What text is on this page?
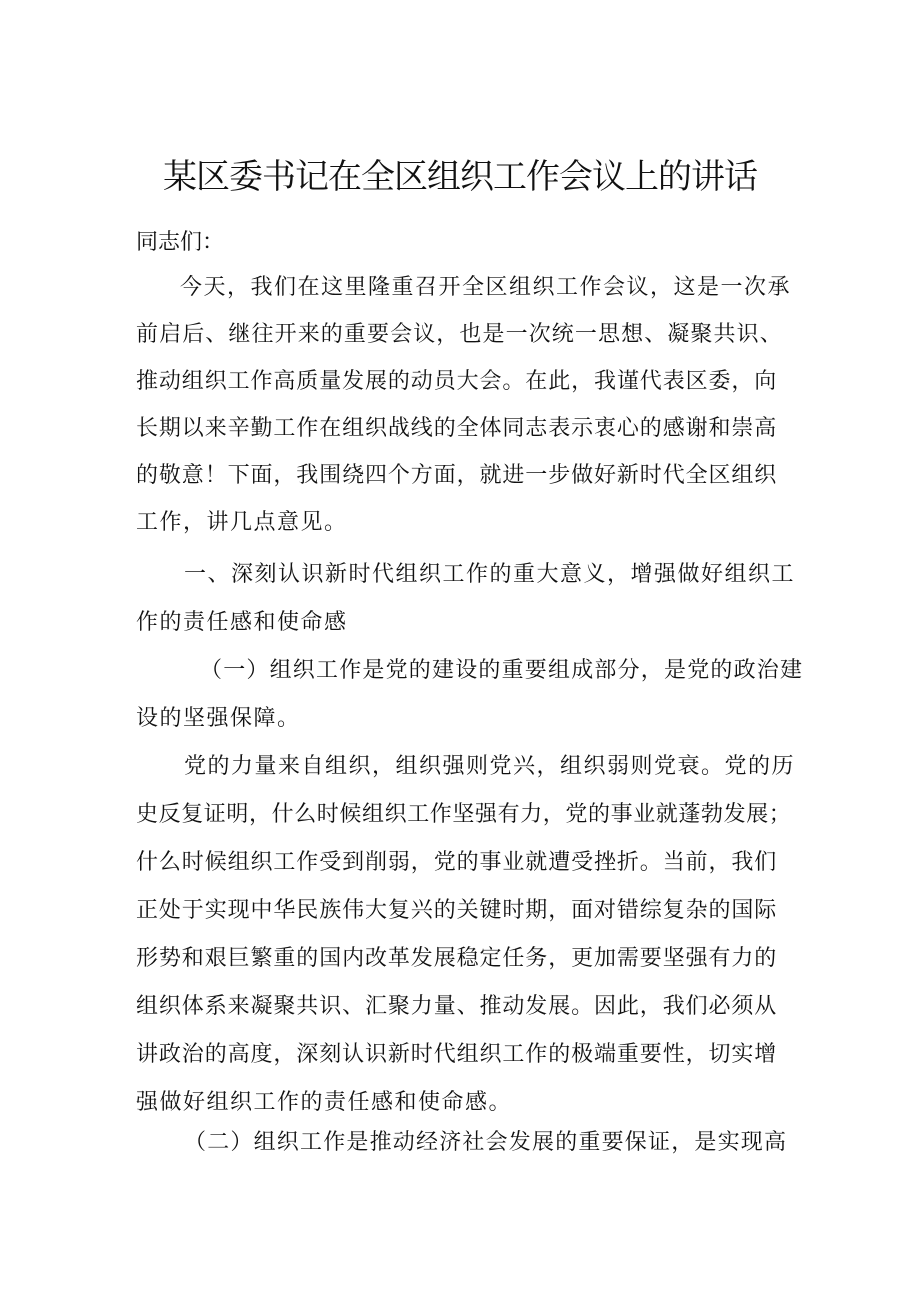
某区委书记在全区组织工作会议上的讲话

同志们：

今天，我们在这里隆重召开全区组织工作会议，这是一次承

前启后、继往开来的重要会议，也是一次统一思想、凝聚共识、

推动组织工作高质量发展的动员大会。在此，我谨代表区委，向

长期以来辛勤工作在组织战线的全体同志表示衷心的感谢和崇高

的敬意！下面，我围绕四个方面，就进一步做好新时代全区组织

工作，讲几点意见。

一、深刻认识新时代组织工作的重大意义，增强做好组织工

作的责任感和使命感

（一）组织工作是党的建设的重要组成部分，是党的政治建

设的坚强保障。

党的力量来自组织，组织强则党兴，组织弱则党衰。党的历

史反复证明，什么时候组织工作坚强有力，党的事业就蓬勃发展；

什么时候组织工作受到削弱，党的事业就遭受挫折。当前，我们

正处于实现中华民族伟大复兴的关键时期，面对错综复杂的国际

形势和艰巨繁重的国内改革发展稳定任务，更加需要坚强有力的

组织体系来凝聚共识、汇聚力量、推动发展。因此，我们必须从

讲政治的高度，深刻认识新时代组织工作的极端重要性，切实增

强做好组织工作的责任感和使命感。

（二）组织工作是推动经济社会发展的重要保证，是实现高
